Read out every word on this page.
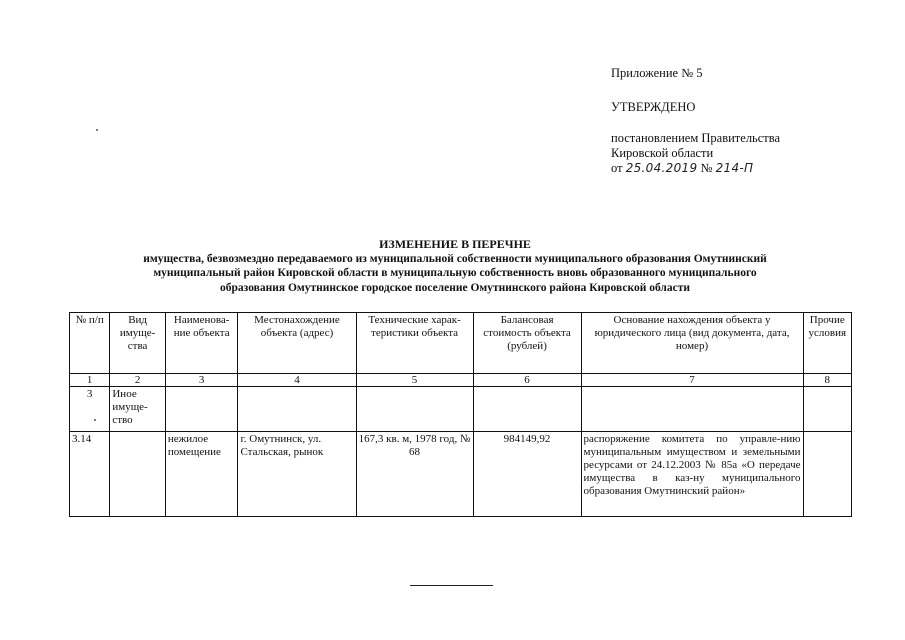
Приложение № 5
УТВЕРЖДЕНО
постановлением Правительства
Кировской области
от 25.04.2019 № 214-П
ИЗМЕНЕНИЕ В ПЕРЕЧНЕ
имущества, безвозмездно передаваемого из муниципальной собственности муниципального образования Омутнинский
муниципальный район Кировской области в муниципальную собственность вновь образованного муниципального
образования Омутнинское городское поселение Омутнинского района Кировской области
№ п/п	Вид имуще-ства	Наименова-ние объекта	Местонахождение объекта (адрес)	Технические харак-теристики объекта	Балансовая стоимость объекта (рублей)	Основание нахождения объекта у юридического лица (вид документа, дата, номер)	Прочие условия
1	2	3	4	5	6	7	8
3	Иное имуще-ство						
3.14		нежилое помещение	г. Омутнинск, ул. Стальская, рынок	167,3 кв. м, 1978 год, № 68	984149,92	распоряжение комитета по управле-нию муниципальным имуществом и земельными ресурсами от 24.12.2003 № 85а «О передаче имущества в каз-ну муниципального образования Омутнинский район»	
